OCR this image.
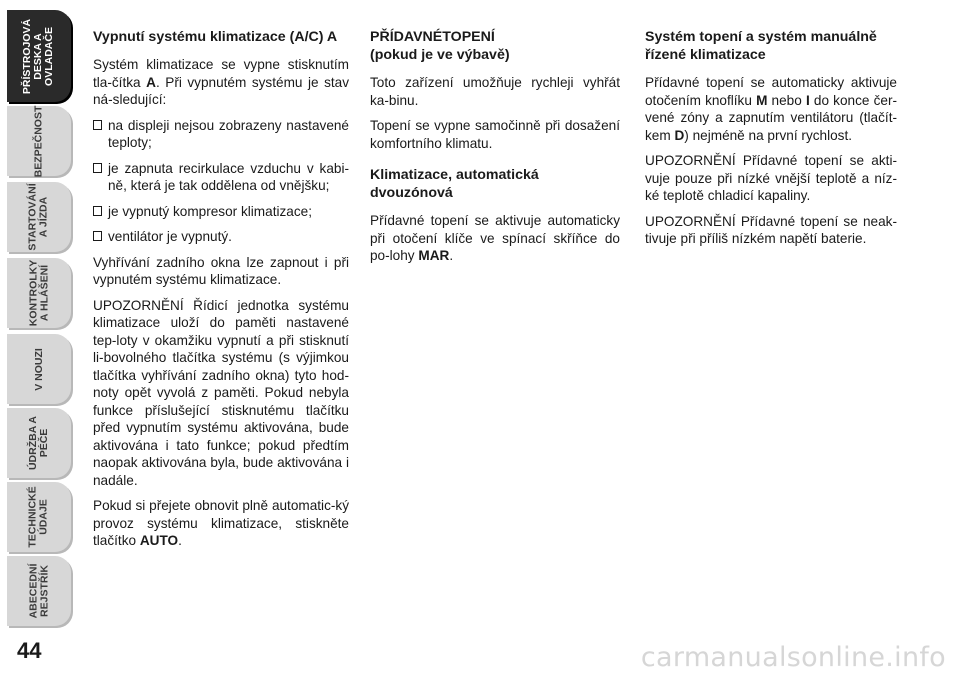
PŘÍSTROJOVÁ
DESKA A
OVLADAČE
BEZPEČNOST
STARTOVÁNÍ
A JÍZDA
KONTROLKY
A HLÁŠENÍ
V NOUZI
ÚDRŽBA A
PÉČE
TECHNICKÉ
ÚDAJE
ABECEDNÍ
REJSTŘÍK
44
Vypnutí systému klimatizace (A/C) A

Systém klimatizace se vypne stisknutím tla-čítka A. Při vypnutém systému je stav ná-sledující:

na displeji nejsou zobrazeny nastavené teploty;
je zapnuta recirkulace vzduchu v kabi-ně, která je tak oddělena od vnějšku;
je vypnutý kompresor klimatizace;
ventilátor je vypnutý.

Vyhřívání zadního okna lze zapnout i při vypnutém systému klimatizace.

UPOZORNĚNÍ Řídicí jednotka systému klimatizace uloží do paměti nastavené tep-loty v okamžiku vypnutí a při stisknutí li-bovolného tlačítka systému (s výjimkou tlačítka vyhřívání zadního okna) tyto hod-noty opět vyvolá z paměti. Pokud nebyla funkce příslušející stisknutému tlačítku před vypnutím systému aktivována, bude aktivována i tato funkce; pokud předtím naopak aktivována byla, bude aktivována i nadále.

Pokud si přejete obnovit plně automatic-ký provoz systému klimatizace, stiskněte tlačítko AUTO.

PŘÍDAVNÉTOPENÍ
(pokud je ve výbavě)

Toto zařízení umožňuje rychleji vyhřát ka-binu.

Topení se vypne samočinně při dosažení komfortního klimatu.

Klimatizace, automatická dvouzónová

Přídavné topení se aktivuje automaticky při otočení klíče ve spínací skříňce do po-lohy MAR.

Systém topení a systém manuálně řízené klimatizace

Přídavné topení se automaticky aktivuje otočením knoflíku M nebo I do konce čer-vené zóny a zapnutím ventilátoru (tlačít-kem D) nejméně na první rychlost.

UPOZORNĚNÍ Přídavné topení se akti-vuje pouze při nízké vnější teplotě a níz-ké teplotě chladicí kapaliny.

UPOZORNĚNÍ Přídavné topení se neak-tivuje při příliš nízkém napětí baterie.

carmanualsonline.info
